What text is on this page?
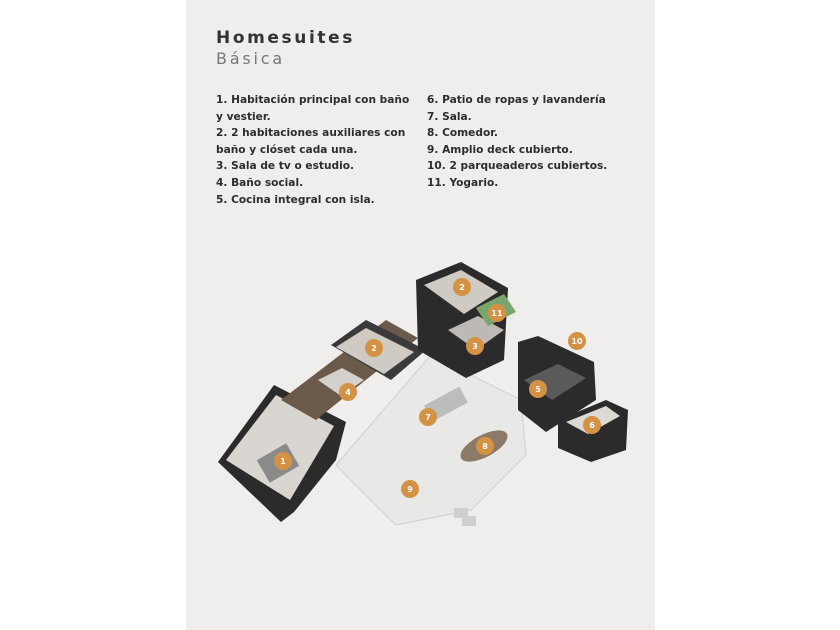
Homesuites
Básica
1. Habitación principal con baño y vestier.
2. 2 habitaciones auxiliares con baño y clóset cada una.
3. Sala de tv o estudio.
4. Baño social.
5. Cocina integral con isla.
6. Patio de ropas y lavandería
7. Sala.
8. Comedor.
9. Amplio deck cubierto.
10. 2 parqueaderos cubiertos.
11. Yogario.
1
2
2
3
4	5
6
7
8
9
10
11
